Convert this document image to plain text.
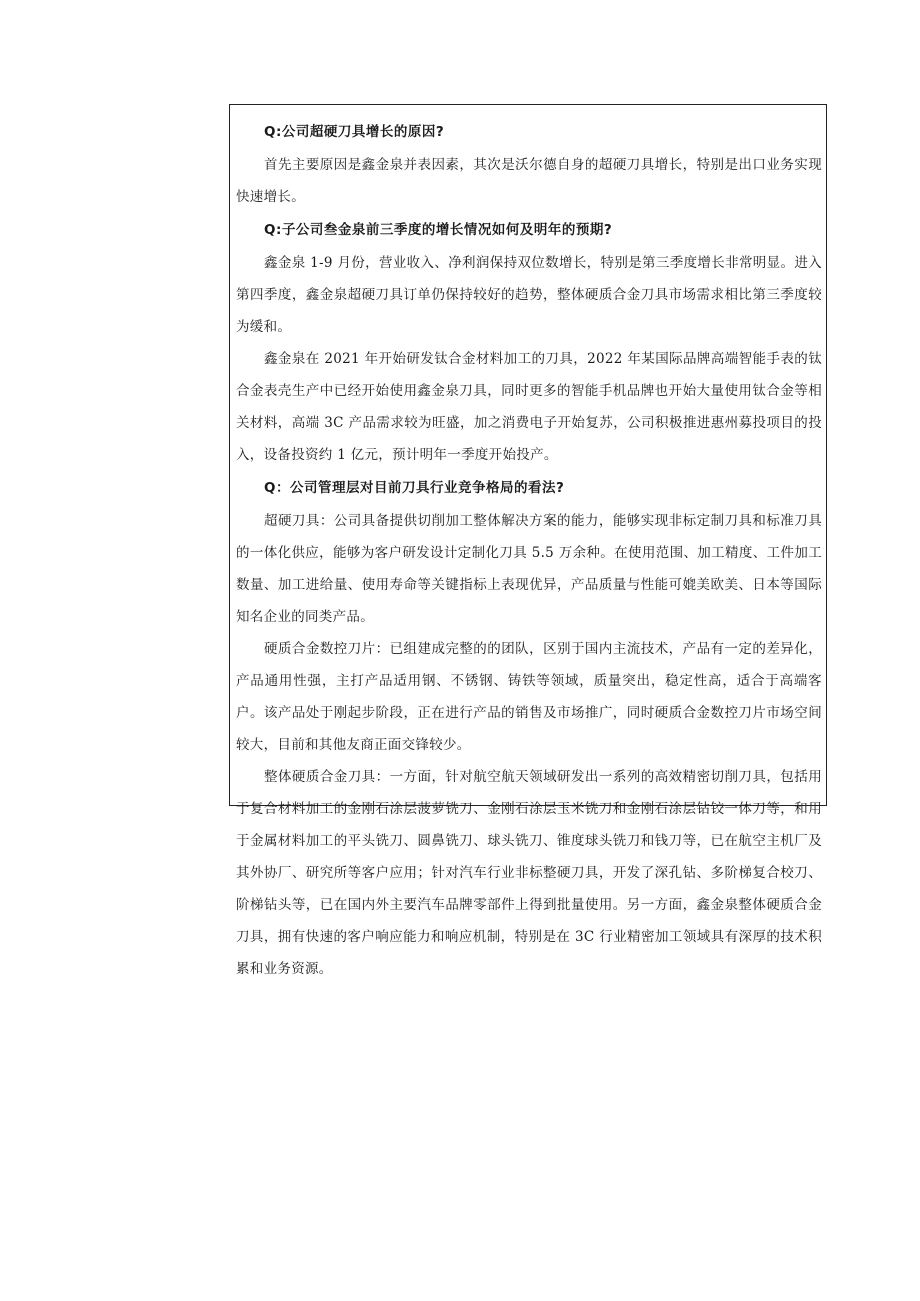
Q:公司超硬刀具增长的原因?

首先主要原因是鑫金泉并表因素，其次是沃尔德自身的超硬刀具增长，特别是出口业务实现快速增长。

Q:子公司叁金泉前三季度的增长情况如何及明年的预期?

鑫金泉 1-9 月份，营业收入、净利润保持双位数增长，特别是第三季度增长非常明显。进入第四季度，鑫金泉超硬刀具订单仍保持较好的趋势，整体硬质合金刀具市场需求相比第三季度较为缓和。

鑫金泉在 2021 年开始研发钛合金材料加工的刀具，2022 年某国际品牌高端智能手表的钛合金表壳生产中已经开始使用鑫金泉刀具，同时更多的智能手机品牌也开始大量使用钛合金等相关材料，高端 3C 产品需求较为旺盛，加之消费电子开始复苏，公司积极推进惠州募投项目的投入，设备投资约 1 亿元，预计明年一季度开始投产。

Q：公司管理层对目前刀具行业竞争格局的看法?

超硬刀具：公司具备提供切削加工整体解决方案的能力，能够实现非标定制刀具和标准刀具的一体化供应，能够为客户研发设计定制化刀具 5.5 万余种。在使用范围、加工精度、工件加工数量、加工进给量、使用寿命等关键指标上表现优异，产品质量与性能可媲美欧美、日本等国际知名企业的同类产品。

硬质合金数控刀片：已组建成完整的的团队，区别于国内主流技术，产品有一定的差异化，产品通用性强，主打产品适用钢、不锈钢、铸铁等领域，质量突出，稳定性高，适合于高端客户。该产品处于刚起步阶段，正在进行产品的销售及市场推广，同时硬质合金数控刀片市场空间较大，目前和其他友商正面交锋较少。

整体硬质合金刀具：一方面，针对航空航天领域研发出一系列的高效精密切削刀具，包括用于复合材料加工的金刚石涂层菠萝铣刀、金刚石涂层玉米铣刀和金刚石涂层钻铰一体刀等，和用于金属材料加工的平头铣刀、圆鼻铣刀、球头铣刀、锥度球头铣刀和钱刀等，已在航空主机厂及其外协厂、研究所等客户应用；针对汽车行业非标整硬刀具，开发了深孔钻、多阶梯复合校刀、阶梯钻头等，已在国内外主要汽车品牌零部件上得到批量使用。另一方面，鑫金泉整体硬质合金刀具，拥有快速的客户响应能力和响应机制，特别是在 3C 行业精密加工领域具有深厚的技术积累和业务资源。
